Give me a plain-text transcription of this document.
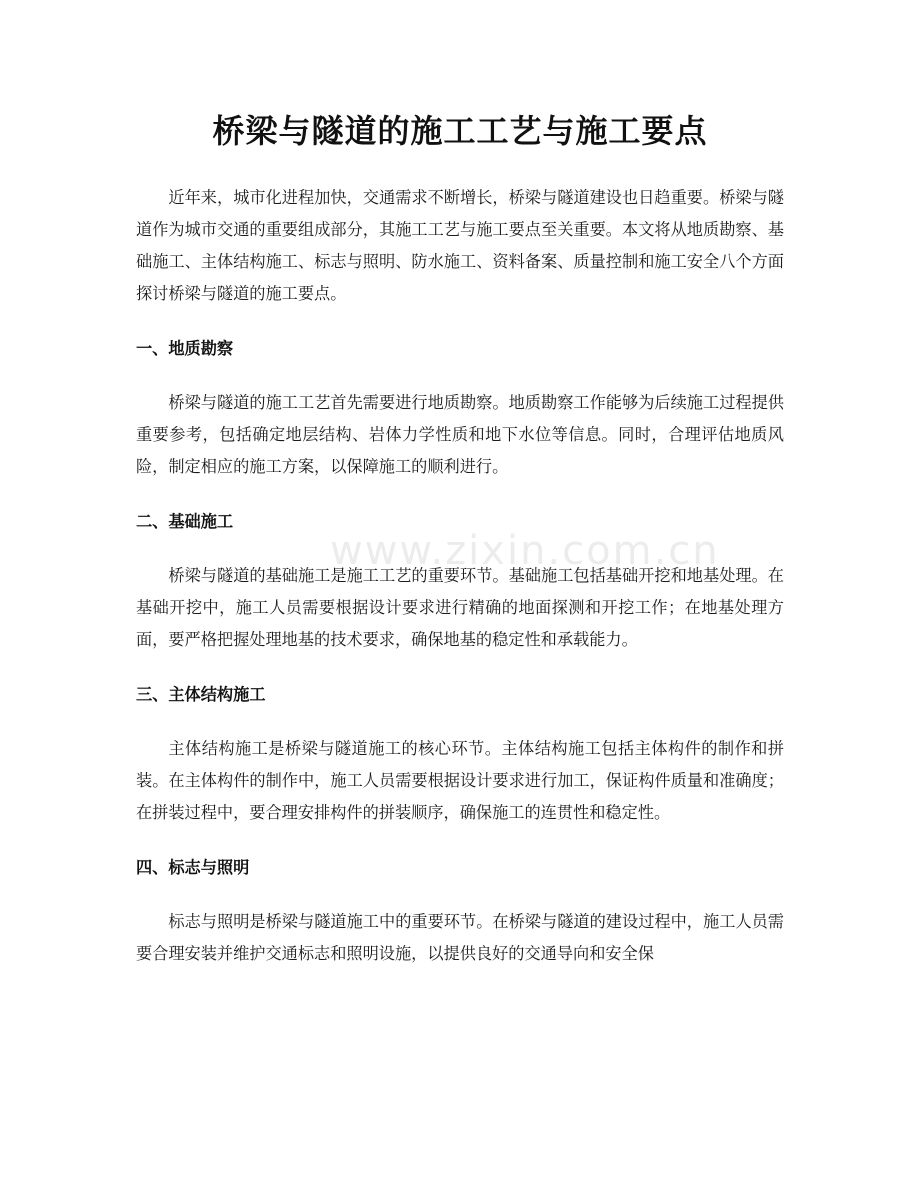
桥梁与隧道的施工工艺与施工要点
www.zixin.com.cn

近年来，城市化进程加快，交通需求不断增长，桥梁与隧道建设也日趋重要。桥梁与隧道作为城市交通的重要组成部分，其施工工艺与施工要点至关重要。本文将从地质勘察、基础施工、主体结构施工、标志与照明、防水施工、资料备案、质量控制和施工安全八个方面探讨桥梁与隧道的施工要点。

一、地质勘察

桥梁与隧道的施工工艺首先需要进行地质勘察。地质勘察工作能够为后续施工过程提供重要参考，包括确定地层结构、岩体力学性质和地下水位等信息。同时，合理评估地质风险，制定相应的施工方案，以保障施工的顺利进行。

二、基础施工

桥梁与隧道的基础施工是施工工艺的重要环节。基础施工包括基础开挖和地基处理。在基础开挖中，施工人员需要根据设计要求进行精确的地面探测和开挖工作；在地基处理方面，要严格把握处理地基的技术要求，确保地基的稳定性和承载能力。

三、主体结构施工

主体结构施工是桥梁与隧道施工的核心环节。主体结构施工包括主体构件的制作和拼装。在主体构件的制作中，施工人员需要根据设计要求进行加工，保证构件质量和准确度；在拼装过程中，要合理安排构件的拼装顺序，确保施工的连贯性和稳定性。

四、标志与照明

标志与照明是桥梁与隧道施工中的重要环节。在桥梁与隧道的建设过程中，施工人员需要合理安装并维护交通标志和照明设施，以提供良好的交通导向和安全保
